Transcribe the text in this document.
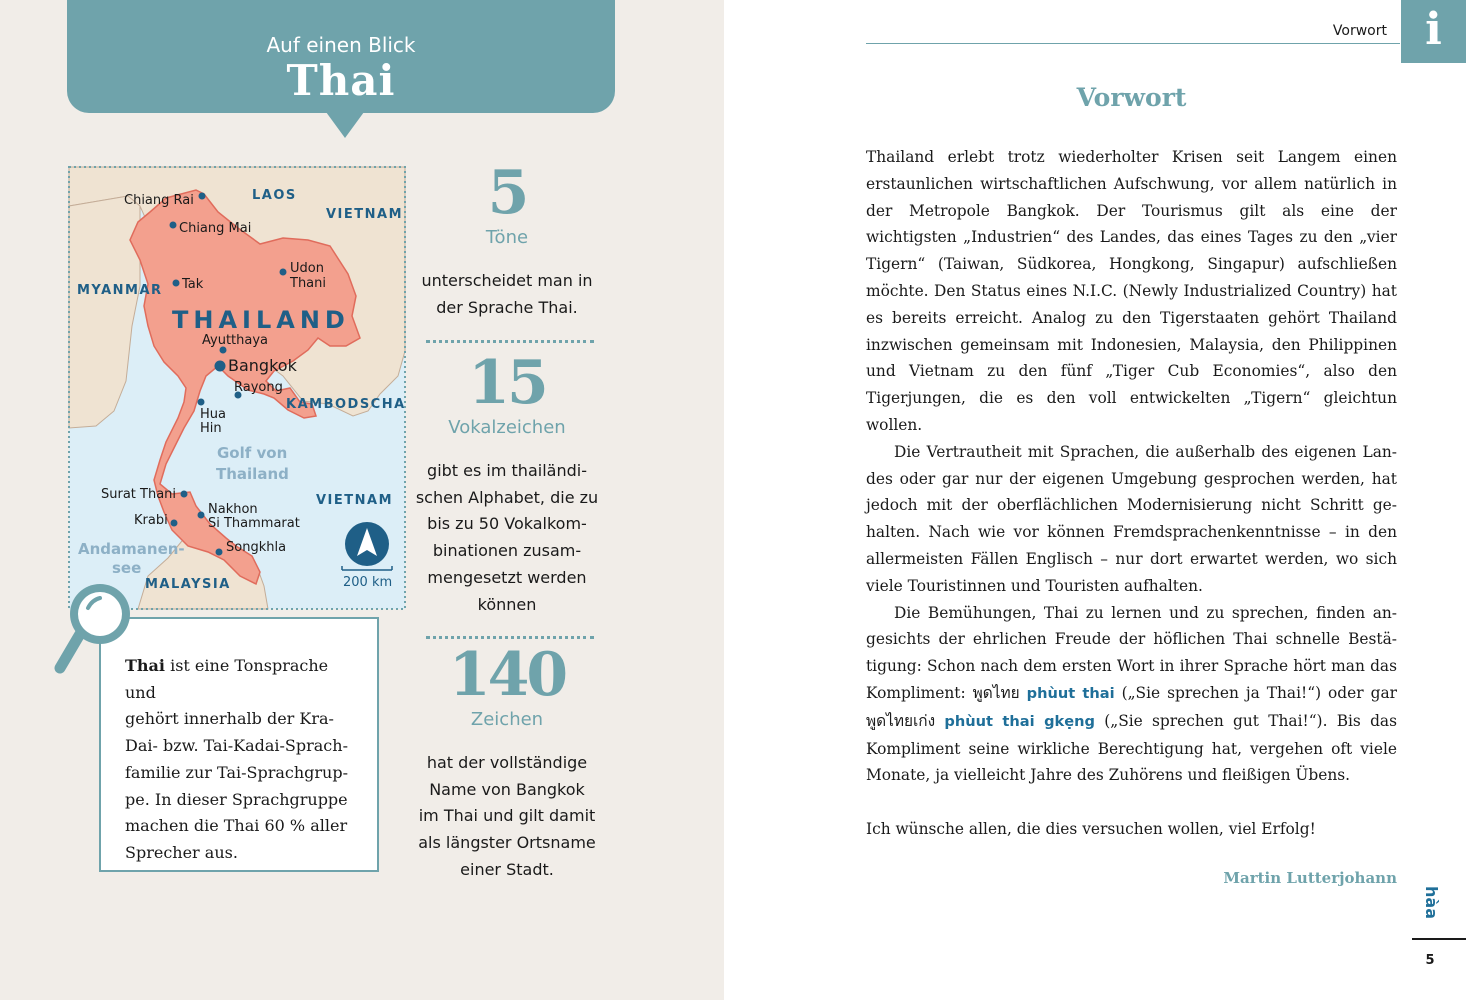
Auf einen Blick
Thai
LAOS
VIETNAM
MYANMAR
THAILAND
KAMBODSCHA
VIETNAM
MALAYSIA
Golf von
Thailand
Andamanen-
see
Chiang Rai
Chiang Mai
Udon
Thani
Tak
Ayutthaya
Bangkok
Rayong
Hua
Hin
Surat Thani
Nakhon
Si Thammarat
Krabi
Songkhla
200 km
Thai ist eine Tonsprache und
gehört innerhalb der Kra-
Dai- bzw. Tai-Kadai-Sprach-
familie zur Tai-Sprachgrup-
pe. In dieser Sprachgruppe
machen die Thai 60 % aller
Sprecher aus.
5
Töne
unterscheidet man in
der Sprache Thai.
15
Vokalzeichen
gibt es im thailändi-
schen Alphabet, die zu
bis zu 50 Vokalkom-
binationen zusam-
mengesetzt werden
können
140
Zeichen
hat der vollständige
Name von Bangkok
im Thai und gilt damit
als längster Ortsname
einer Stadt.
Vorwort i
Vorwort

Thailand erlebt trotz wiederholter Krisen seit Langem einen erstaunlichen wirtschaftlichen Aufschwung, vor allem natürlich in der Metropole Bangkok. Der Tourismus gilt als eine der wichtigsten „Industrien“ des Landes, das eines Tages zu den „vier Tigern“ (Taiwan, Südkorea, Hongkong, Singapur) aufschließen möchte. Den Status eines N.I.C. (Newly Industrialized Country) hat es bereits erreicht. Analog zu den Tigerstaaten gehört Thailand inzwischen gemeinsam mit Indonesien, Malaysia, den Philippinen und Vietnam zu den fünf „Tiger Cub Economies“, also den Tigerjungen, die es den voll entwickelten „Tigern“ gleichtun wollen.

Die Vertrautheit mit Sprachen, die außerhalb des eigenen Landes oder gar nur der eigenen Umgebung gesprochen werden, hat jedoch mit der oberflächlichen Modernisierung nicht Schritt gehalten. Nach wie vor können Fremdsprachenkenntnisse – in den allermeisten Fällen Englisch – nur dort erwartet werden, wo sich viele Touristinnen und Touristen aufhalten.

Die Bemühungen, Thai zu lernen und zu sprechen, finden angesichts der ehrlichen Freude der höflichen Thai schnelle Bestätigung: Schon nach dem ersten Wort in ihrer Sprache hört man das Kompliment: พูดไทย phùut thai („Sie sprechen ja Thai!“) oder gar พูดไทยเก่ง phùut thai gkẹng („Sie sprechen gut Thai!“). Bis das Kompliment seine wirkliche Berechtigung hat, vergehen oft viele Monate, ja vielleicht Jahre des Zuhörens und fleißigen Übens.

Ich wünsche allen, die dies versuchen wollen, viel Erfolg!

Martin Lutterjohann
hàa
5
